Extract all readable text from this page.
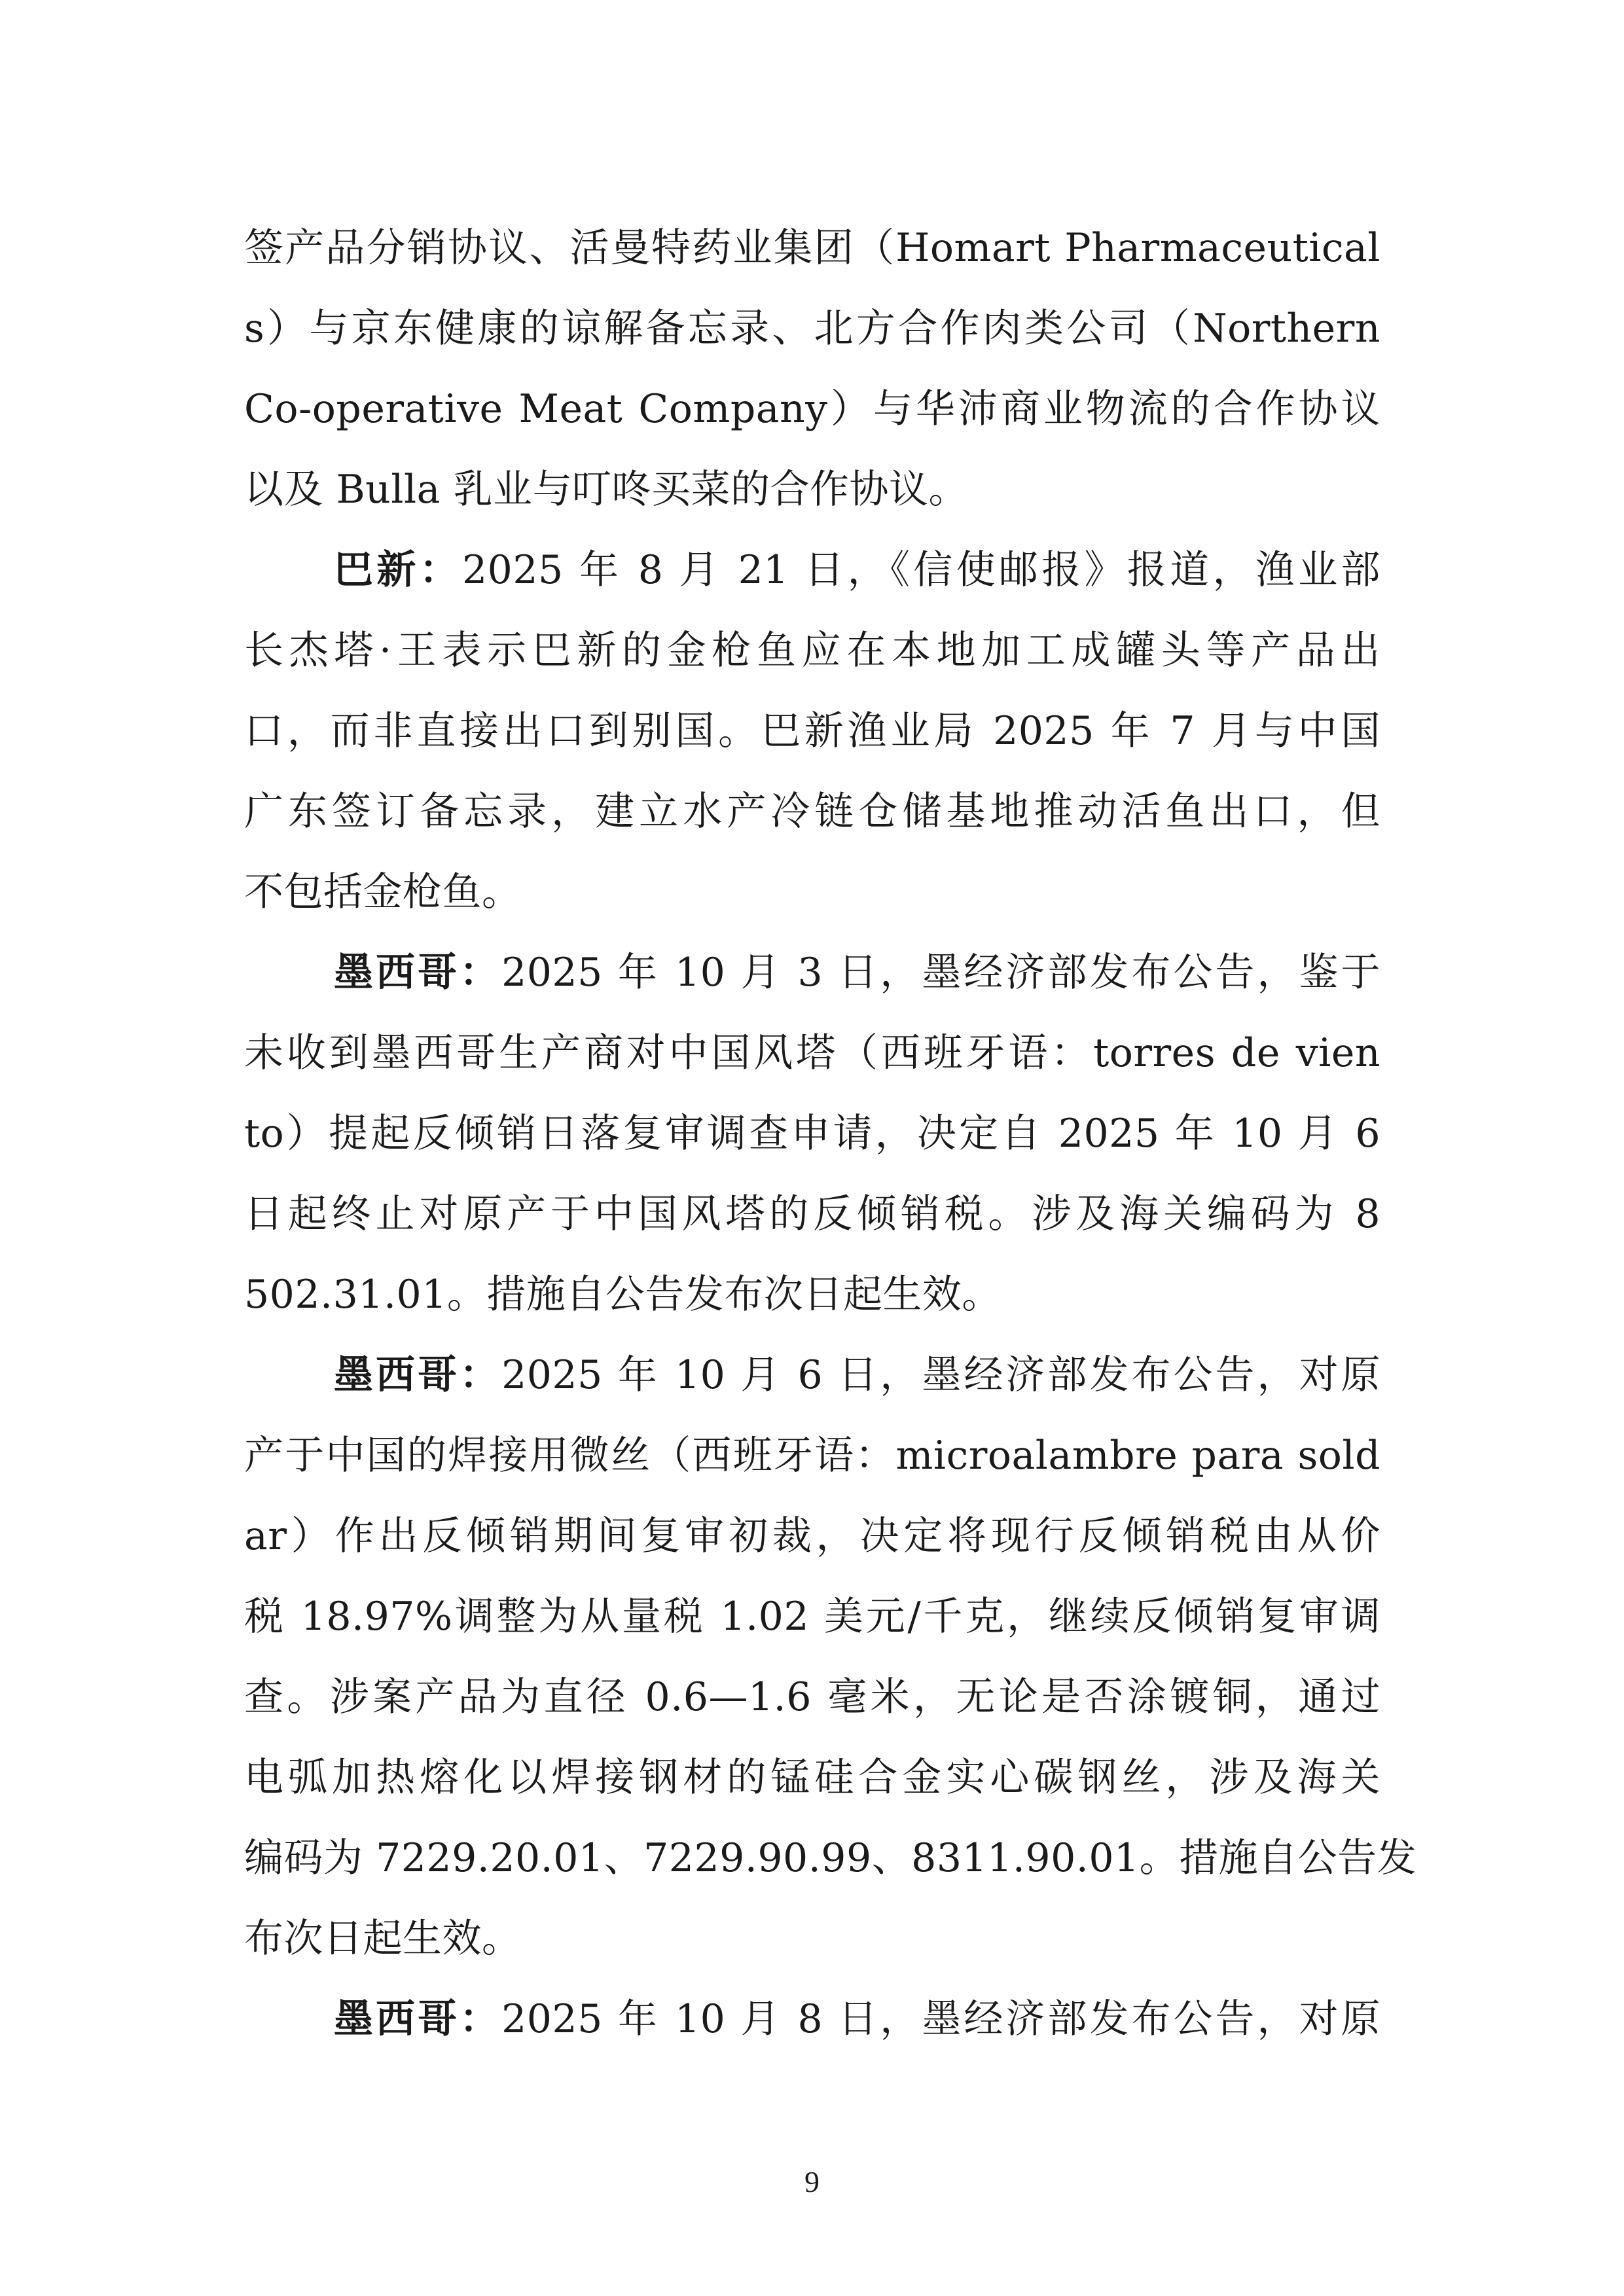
签产品分销协议、活曼特药业集团（Homart Pharmaceutical
s）与京东健康的谅解备忘录、北方合作肉类公司（Northern
Co-operative Meat Company）与华沛商业物流的合作协议
以及 Bulla 乳业与叮咚买菜的合作协议。
巴新：2025 年 8 月 21 日，《信使邮报》报道，渔业部
长杰塔·王表示巴新的金枪鱼应在本地加工成罐头等产品出
口，而非直接出口到别国。巴新渔业局 2025 年 7 月与中国
广东签订备忘录，建立水产冷链仓储基地推动活鱼出口，但
不包括金枪鱼。
墨西哥：2025 年 10 月 3 日，墨经济部发布公告，鉴于
未收到墨西哥生产商对中国风塔（西班牙语：torres de vien
to）提起反倾销日落复审调查申请，决定自 2025 年 10 月 6
日起终止对原产于中国风塔的反倾销税。涉及海关编码为 8
502.31.01。措施自公告发布次日起生效。
墨西哥：2025 年 10 月 6 日，墨经济部发布公告，对原
产于中国的焊接用微丝（西班牙语：microalambre para sold
ar）作出反倾销期间复审初裁，决定将现行反倾销税由从价
税 18.97%调整为从量税 1.02 美元/千克，继续反倾销复审调
查。涉案产品为直径 0.6—1.6 毫米，无论是否涂镀铜，通过
电弧加热熔化以焊接钢材的锰硅合金实心碳钢丝，涉及海关
编码为 7229.20.01、7229.90.99、8311.90.01。措施自公告发
布次日起生效。
墨西哥：2025 年 10 月 8 日，墨经济部发布公告，对原
9
